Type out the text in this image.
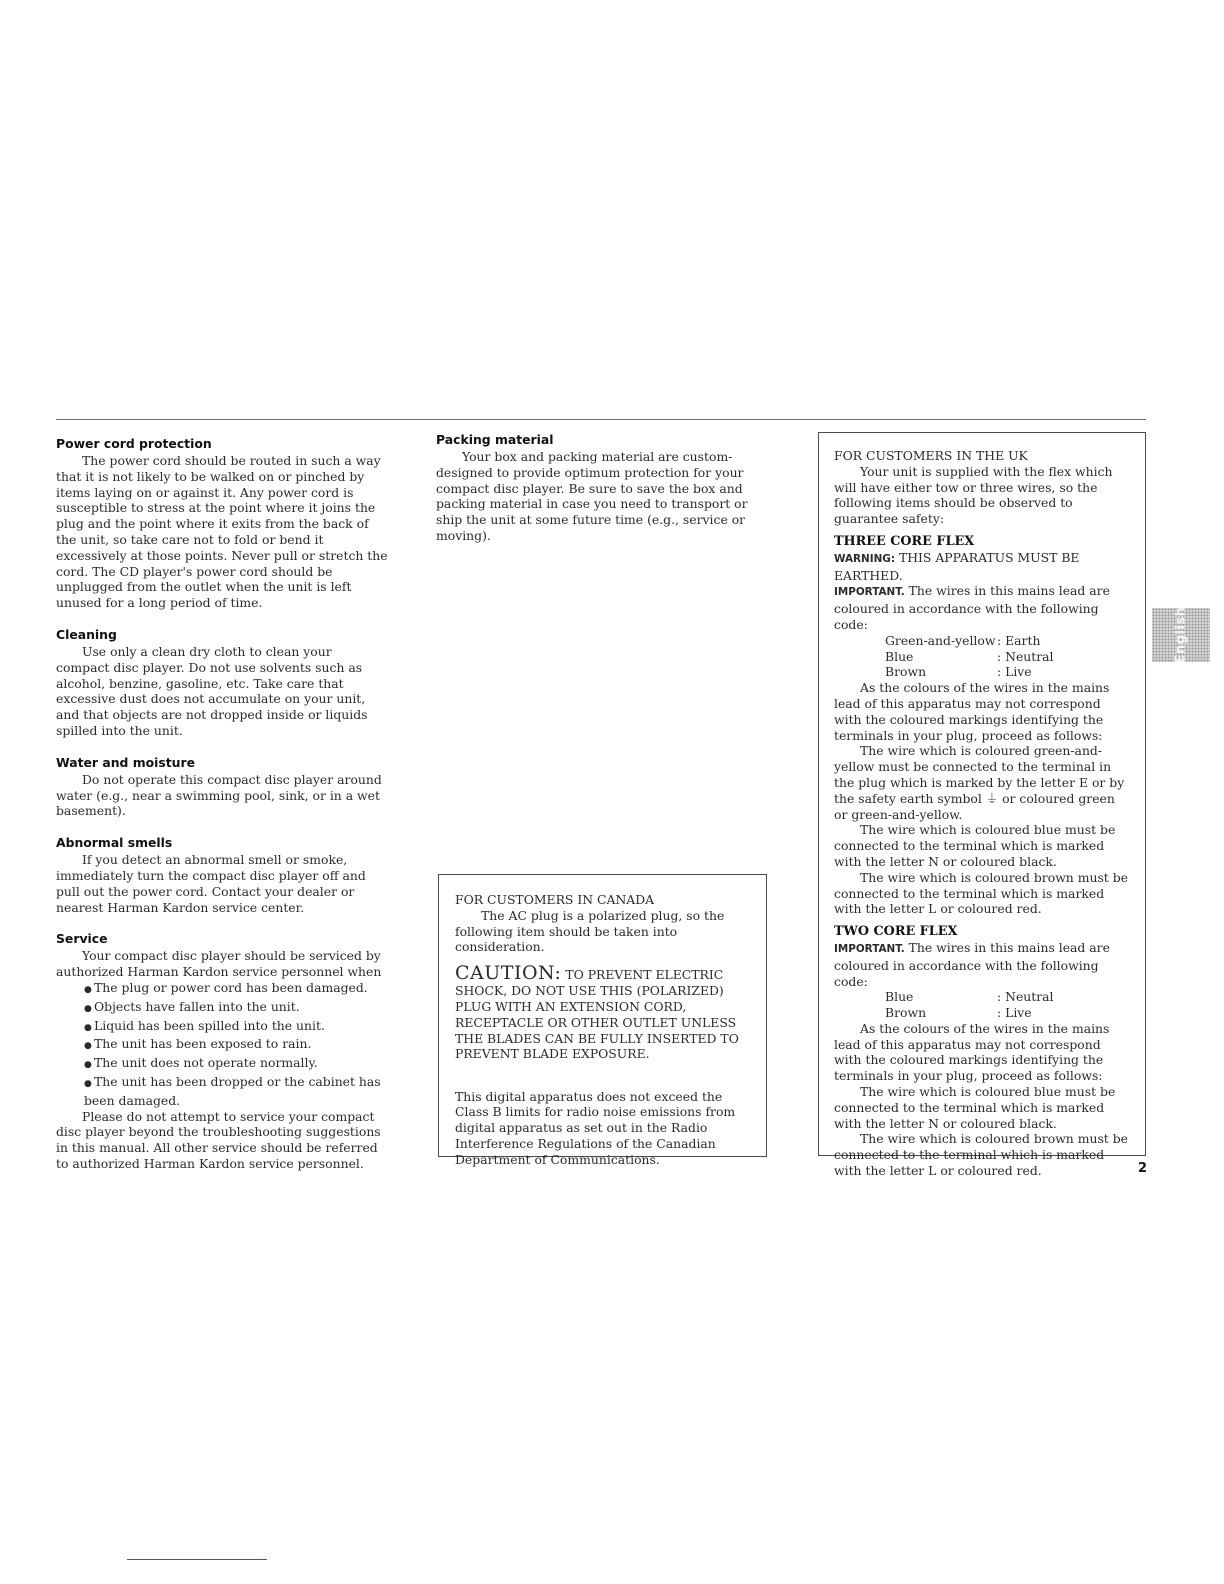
Power cord protection

The power cord should be routed in such a way that it is not likely to be walked on or pinched by items laying on or against it. Any power cord is susceptible to stress at the point where it joins the plug and the point where it exits from the back of the unit, so take care not to fold or bend it excessively at those points. Never pull or stretch the cord. The CD player's power cord should be unplugged from the outlet when the unit is left unused for a long period of time.

Cleaning

Use only a clean dry cloth to clean your compact disc player. Do not use solvents such as alcohol, benzine, gasoline, etc. Take care that excessive dust does not accumulate on your unit, and that objects are not dropped inside or liquids spilled into the unit.

Water and moisture

Do not operate this compact disc player around water (e.g., near a swimming pool, sink, or in a wet basement).

Abnormal smells

If you detect an abnormal smell or smoke, immediately turn the compact disc player off and pull out the power cord. Contact your dealer or nearest Harman Kardon service center.

Service

Your compact disc player should be serviced by authorized Harman Kardon service personnel when

● The plug or power cord has been damaged.

● Objects have fallen into the unit.

● Liquid has been spilled into the unit.

● The unit has been exposed to rain.

● The unit does not operate normally.

● The unit has been dropped or the cabinet has been damaged.

Please do not attempt to service your compact disc player beyond the troubleshooting suggestions in this manual. All other service should be referred to authorized Harman Kardon service personnel.

Packing material

Your box and packing material are custom-designed to provide optimum protection for your compact disc player. Be sure to save the box and packing material in case you need to transport or ship the unit at some future time (e.g., service or moving).

FOR CUSTOMERS IN CANADA

The AC plug is a polarized plug, so the following item should be taken into consideration.

CAUTION: TO PREVENT ELECTRIC SHOCK, DO NOT USE THIS (POLARIZED) PLUG WITH AN EXTENSION CORD, RECEPTACLE OR OTHER OUTLET UNLESS THE BLADES CAN BE FULLY INSERTED TO PREVENT BLADE EXPOSURE.

This digital apparatus does not exceed the Class B limits for radio noise emissions from digital apparatus as set out in the Radio Interference Regulations of the Canadian Department of Communications.

FOR CUSTOMERS IN THE UK

Your unit is supplied with the flex which will have either tow or three wires, so the following items should be observed to guarantee safety:

THREE CORE FLEX

WARNING: THIS APPARATUS MUST BE EARTHED.

IMPORTANT. The wires in this mains lead are coloured in accordance with the following code:

Green-and-yellow : Earth
Blue	: Neutral
Brown	: Live

As the colours of the wires in the mains lead of this apparatus may not correspond with the coloured markings identifying the terminals in your plug, proceed as follows:

The wire which is coloured green-and-yellow must be connected to the terminal in the plug which is marked by the letter E or by the safety earth symbol ⏚ or coloured green or green-and-yellow.

The wire which is coloured blue must be connected to the terminal which is marked with the letter N or coloured black.

The wire which is coloured brown must be connected to the terminal which is marked with the letter L or coloured red.

TWO CORE FLEX

IMPORTANT. The wires in this mains lead are coloured in accordance with the following code:

Blue	: Neutral
Brown	: Live

As the colours of the wires in the mains lead of this apparatus may not correspond with the coloured markings identifying the terminals in your plug, proceed as follows:

The wire which is coloured blue must be connected to the terminal which is marked with the letter N or coloured black.

The wire which is coloured brown must be connected to the terminal which is marked with the letter L or coloured red.

English
2
